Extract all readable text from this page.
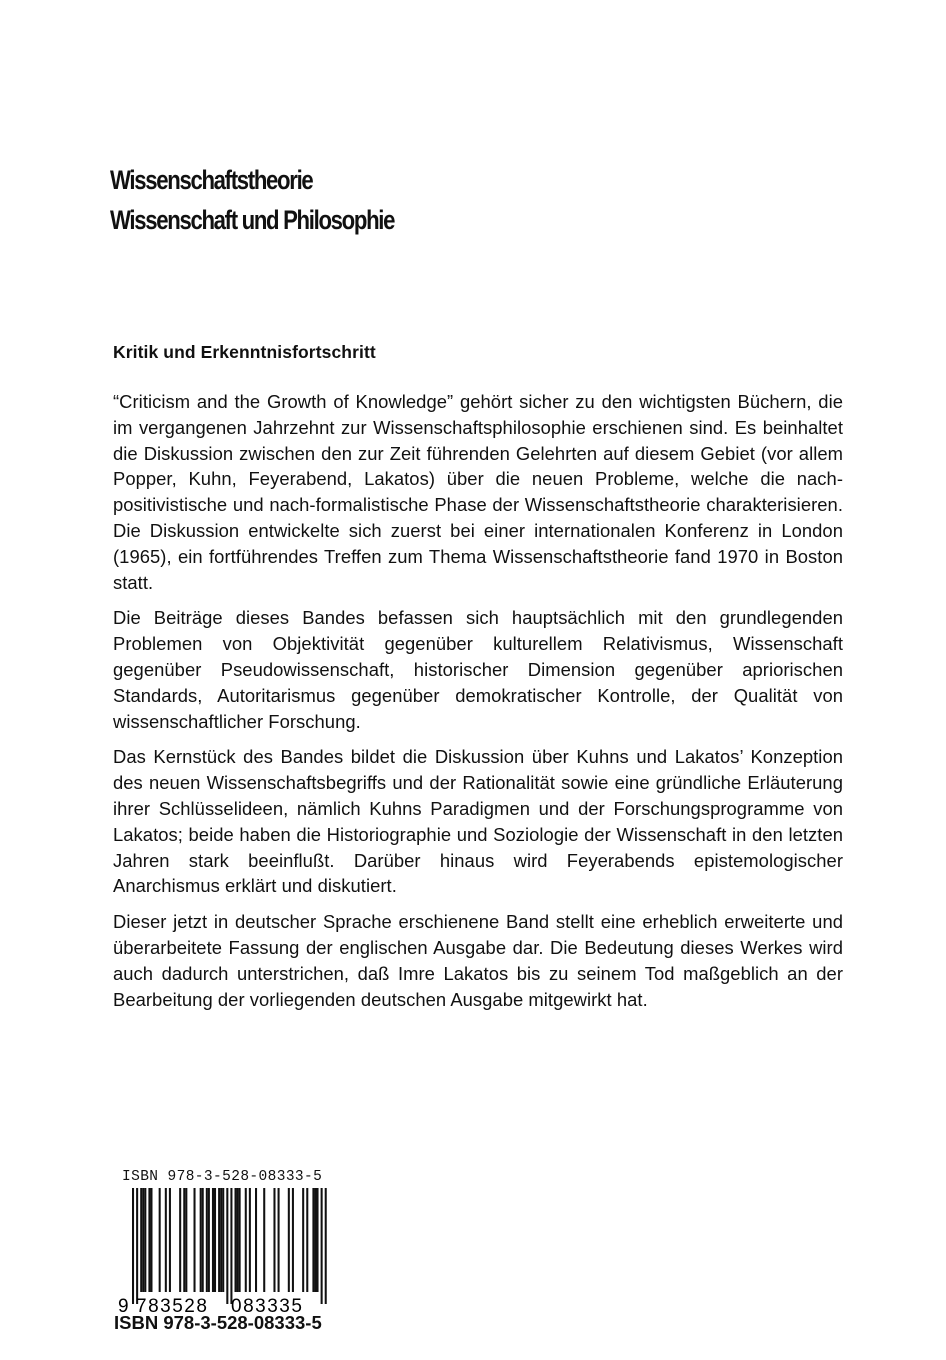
Wissenschaftstheorie
Wissenschaft und Philosophie
Kritik und Erkenntnisfortschritt

“Criticism and the Growth of Knowledge” gehört sicher zu den wichtigsten Büchern, die im vergangenen Jahrzehnt zur Wissenschaftsphilosophie erschienen sind. Es beinhaltet die Diskussion zwischen den zur Zeit führenden Gelehrten auf diesem Gebiet (vor allem Popper, Kuhn, Feyerabend, Lakatos) über die neuen Probleme, welche die nach-positivistische und nach-formalistische Phase der Wissenschaftstheorie charakterisieren. Die Diskussion entwickelte sich zuerst bei einer internationalen Konferenz in London (1965), ein fortführendes Treffen zum Thema Wissenschaftstheorie fand 1970 in Boston statt.

Die Beiträge dieses Bandes befassen sich hauptsächlich mit den grundlegenden Problemen von Objektivität gegenüber kulturellem Relativismus, Wissenschaft gegenüber Pseudowissenschaft, historischer Dimension gegenüber apriorischen Standards, Autoritarismus gegenüber demokratischer Kontrolle, der Qualität von wissenschaftlicher Forschung.

Das Kernstück des Bandes bildet die Diskussion über Kuhns und Lakatos’ Konzeption des neuen Wissenschaftsbegriffs und der Rationalität sowie eine gründliche Erläuterung ihrer Schlüsselideen, nämlich Kuhns Paradigmen und der Forschungsprogramme von Lakatos; beide haben die Historiographie und Soziologie der Wissenschaft in den letzten Jahren stark beeinflußt. Darüber hinaus wird Feyerabends epistemologischer Anarchismus erklärt und diskutiert.

Dieser jetzt in deutscher Sprache erschienene Band stellt eine erheblich erweiterte und überarbeitete Fassung der englischen Ausgabe dar. Die Bedeutung dieses Werkes wird auch dadurch unterstrichen, daß Imre Lakatos bis zu seinem Tod maßgeblich an der Bearbeitung der vorliegenden deutschen Ausgabe mitgewirkt hat.

ISBN 978-3-528-08333-5
9 783528 083335
ISBN 978-3-528-08333-5
